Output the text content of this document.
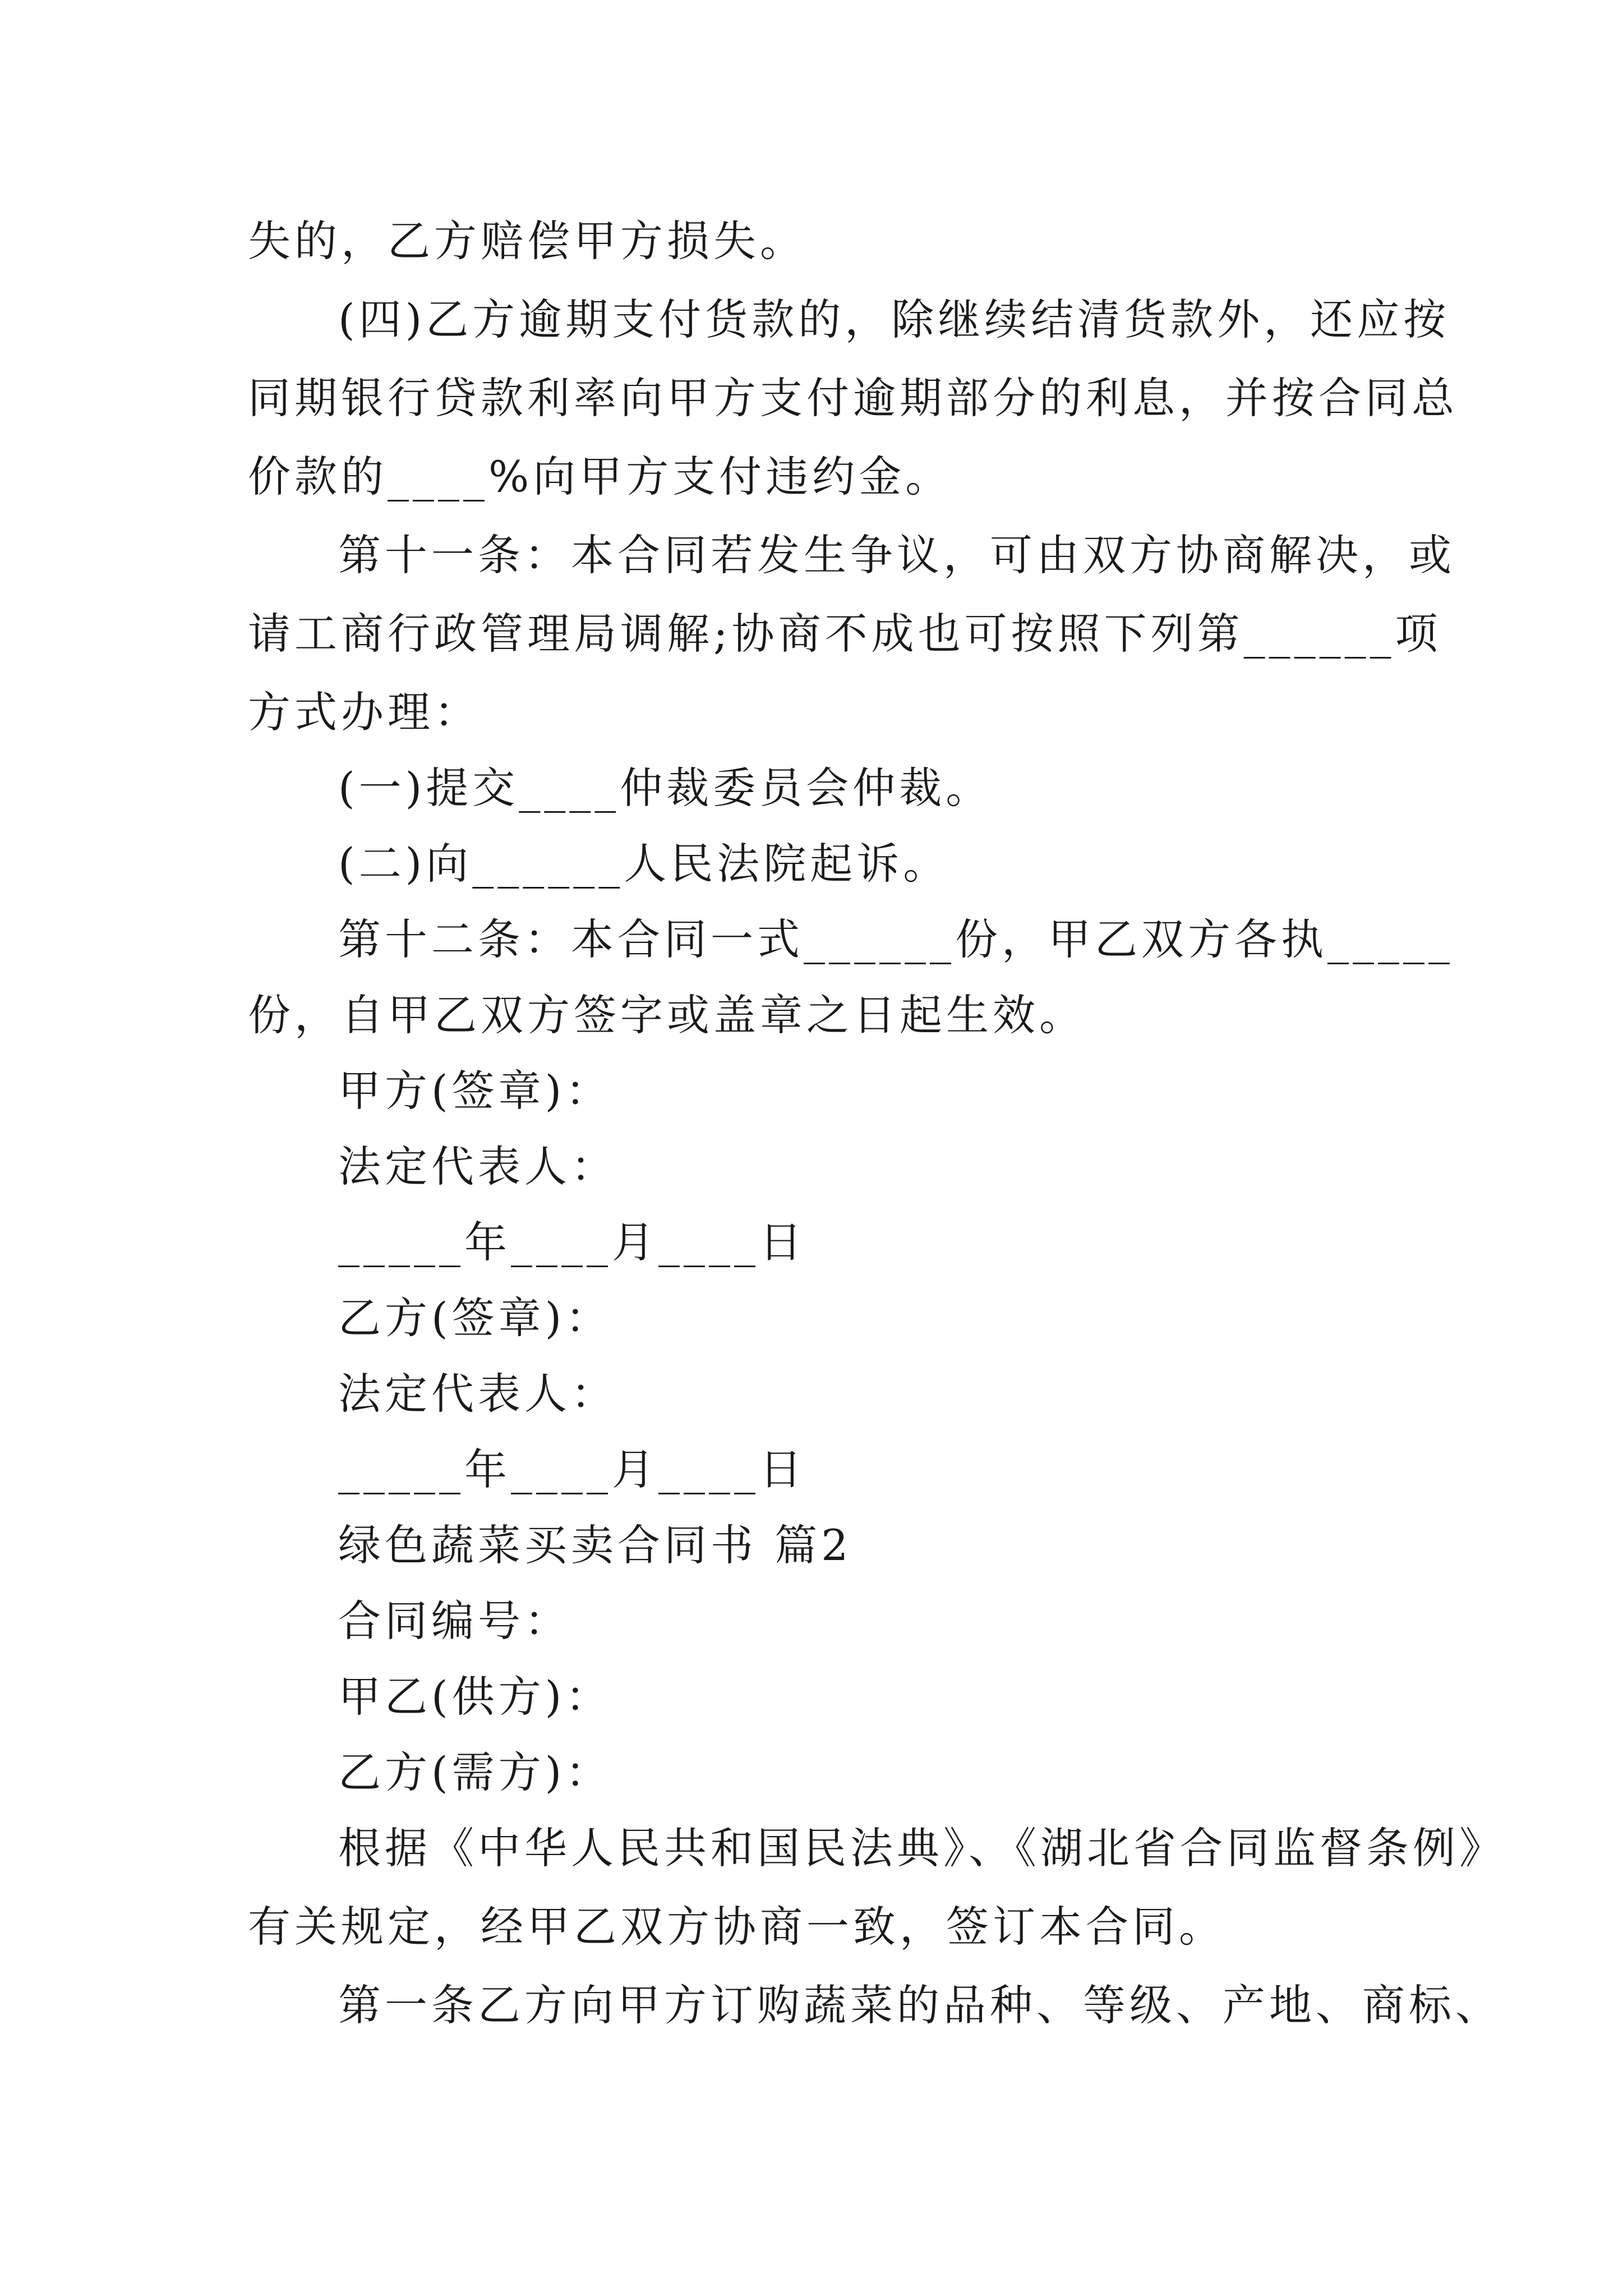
失的，乙方赔偿甲方损失。
(四)乙方逾期支付货款的，除继续结清货款外，还应按
同期银行贷款利率向甲方支付逾期部分的利息，并按合同总
价款的____%向甲方支付违约金。
第十一条：本合同若发生争议，可由双方协商解决，或
请工商行政管理局调解;协商不成也可按照下列第______项
方式办理：
(一)提交____仲裁委员会仲裁。
(二)向______人民法院起诉。
第十二条：本合同一式______份，甲乙双方各执_____
份，自甲乙双方签字或盖章之日起生效。
甲方(签章)：
法定代表人：
_____年____月____日
乙方(签章)：
法定代表人：
_____年____月____日
绿色蔬菜买卖合同书 篇2
合同编号：
甲乙(供方)：
乙方(需方)：
根据《中华人民共和国民法典》、《湖北省合同监督条例》
有关规定，经甲乙双方协商一致，签订本合同。
第一条乙方向甲方订购蔬菜的品种、等级、产地、商标、
